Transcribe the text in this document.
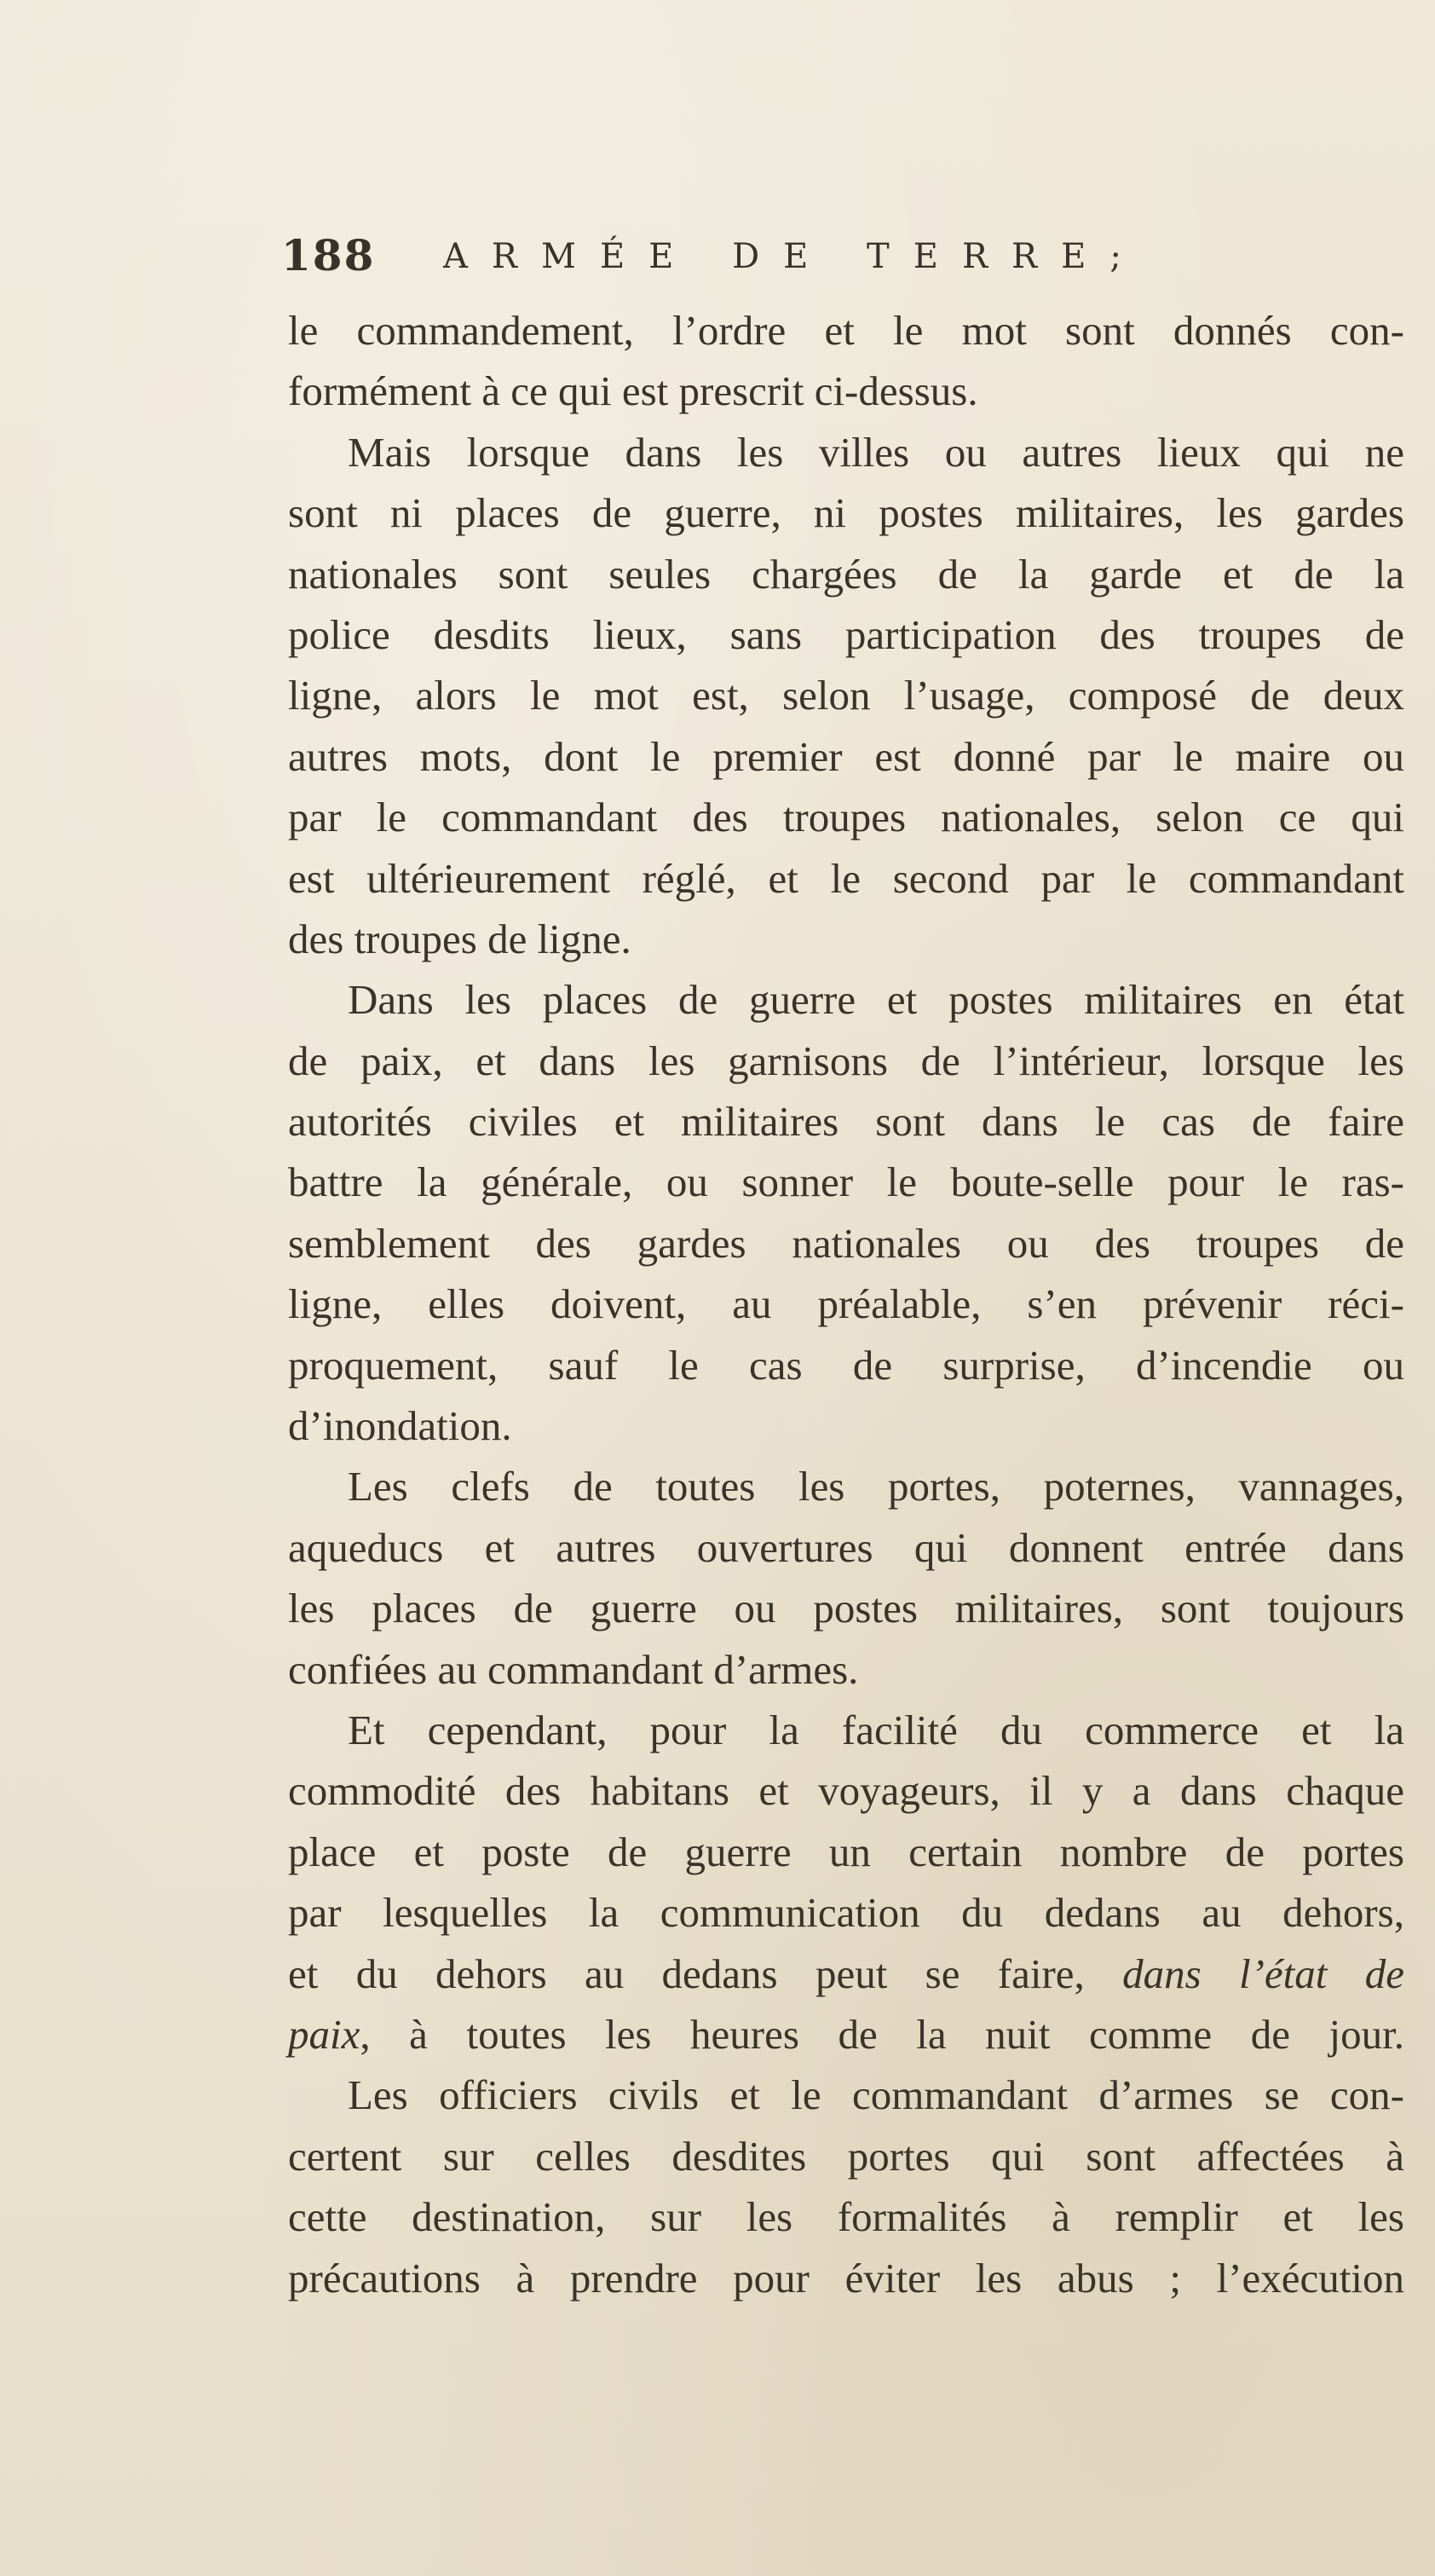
188 ARMÉE DE TERRE;
le commandement, l’ordre et le mot sont donnés con-
formément à ce qui est prescrit ci-dessus.
Mais lorsque dans les villes ou autres lieux qui ne
sont ni places de guerre, ni postes militaires, les gardes
nationales sont seules chargées de la garde et de la
police desdits lieux, sans participation des troupes de
ligne, alors le mot est, selon l’usage, composé de deux
autres mots, dont le premier est donné par le maire ou
par le commandant des troupes nationales, selon ce qui
est ultérieurement réglé, et le second par le commandant
des troupes de ligne.
Dans les places de guerre et postes militaires en état
de paix, et dans les garnisons de l’intérieur, lorsque les
autorités civiles et militaires sont dans le cas de faire
battre la générale, ou sonner le boute-selle pour le ras-
semblement des gardes nationales ou des troupes de
ligne, elles doivent, au préalable, s’en prévenir réci-
proquement, sauf le cas de surprise, d’incendie ou
d’inondation.
Les clefs de toutes les portes, poternes, vannages,
aqueducs et autres ouvertures qui donnent entrée dans
les places de guerre ou postes militaires, sont toujours
confiées au commandant d’armes.
Et cependant, pour la facilité du commerce et la
commodité des habitans et voyageurs, il y a dans chaque
place et poste de guerre un certain nombre de portes
par lesquelles la communication du dedans au dehors,
et du dehors au dedans peut se faire, dans l’état de
paix, à toutes les heures de la nuit comme de jour.
Les officiers civils et le commandant d’armes se con-
certent sur celles desdites portes qui sont affectées à
cette destination, sur les formalités à remplir et les
précautions à prendre pour éviter les abus ; l’exécution
